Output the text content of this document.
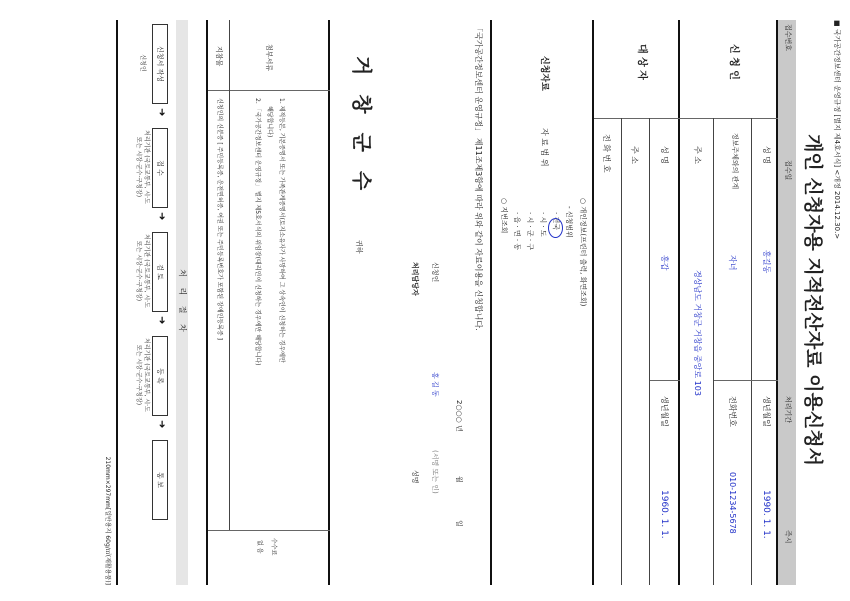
■ 국가공간정보센터 운영규정 [별지 제4호서식] <개정 2014.12.30.>
개인 신청자용 지적전산자료 이용신청서
접수번호
접수일
처리기간
즉시
신 청 인
성 명
홍길동
생년월일
1990. 1. 1.
정보주체와의 관계
자녀
전화번호
010-1234-5678
주 소
경상남도 거창군 거창읍 중앙로 103
대 상 자
성 명
홍갑
생년월일
1960. 1. 1.
주 소
전 화 번 호
신청자료
자 료 범 위
○ 개인정보(프린터 출력, 화면조회)
- 신청범위
· 전국
· 시 · 도
· 시 · 군 · 구
· 읍 · 면 · 동
○ 지번조회
「국가공간정보센터 운영규정」 제11조제3항에 따라 위와 같이 자료이용을 신청합니다.
2○○○ 년
월
일
신청인
홍 길 동
(서명 또는 인)
처리담당자
성명
거 창 군 수
귀하
첨부서류
1. 제적등본, 기본증명서 또는 가족관계증명서(토지소유자가 사망하여 그 상속인이 신청하는 경우에만
해당합니다)
2. 「국가공간정보센터 운영규정」 별지 제5호서식의 위임장(대리인이 신청하는 경우에만 해당합니다)
수수료
없 음
지참물
신청인의 신분증 [ 주민등록증, 운전면허증, 여권 또는 주민등록번호가 포함된 장애인등록증 ]
처 리 절 차
신청서 작성
신청인
➜
접 수
처리기관 (국토교통부, 시·도 또는 시장·군수·구청장)
➜
검 토
처리기관 (국토교통부, 시·도 또는 시장·군수·구청장)
➜
등 록
처리기관 (국토교통부, 시·도 또는 시장·군수·구청장)
➜
통 보
210mm×297mm[일반용지 60g/㎡(재활용품)]
